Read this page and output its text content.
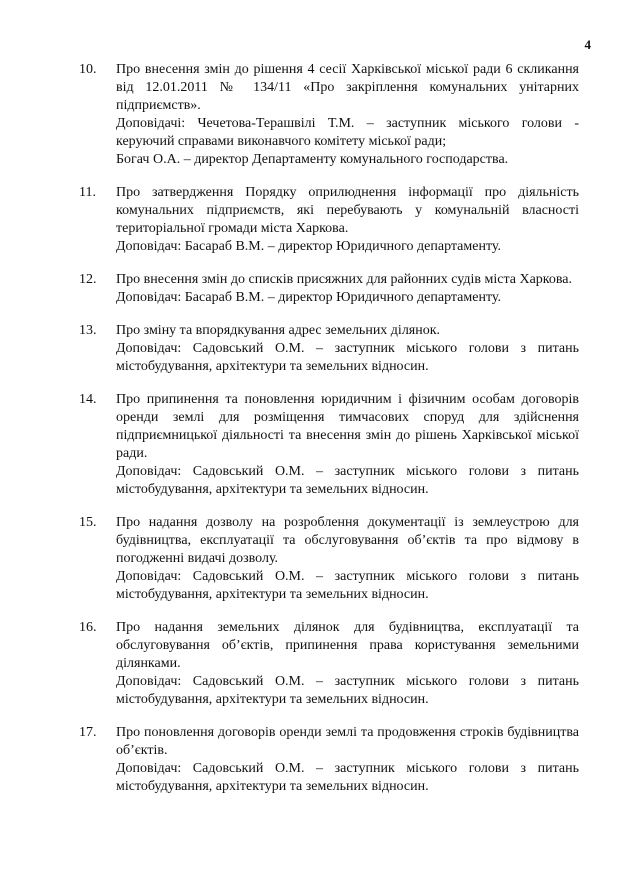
4
10.	Про внесення змін до рішення 4 сесії Харківської міської ради 6 скликання від 12.01.2011 № 134/11 «Про закріплення комунальних унітарних підприємств».

Доповідачі: Чечетова-Терашвілі Т.М. – заступник міського голови - керуючий справами виконавчого комітету міської ради;
Богач О.А. – директор Департаменту комунального господарства.

11.	Про затвердження Порядку оприлюднення інформації про діяльність комунальних підприємств, які перебувають у комунальній власності територіальної громади міста Харкова.

Доповідач: Басараб В.М. – директор Юридичного департаменту.

12.	Про внесення змін до списків присяжних для районних судів міста Харкова.

Доповідач: Басараб В.М. – директор Юридичного департаменту.

13.	Про зміну та впорядкування адрес земельних ділянок.

Доповідач: Садовський О.М. – заступник міського голови з питань містобудування, архітектури та земельних відносин.

14.	Про припинення та поновлення юридичним і фізичним особам договорів оренди землі для розміщення тимчасових споруд для здійснення підприємницької діяльності та внесення змін до рішень Харківської міської ради.

Доповідач: Садовський О.М. – заступник міського голови з питань містобудування, архітектури та земельних відносин.

15.	Про надання дозволу на розроблення документації із землеустрою для будівництва, експлуатації та обслуговування об’єктів та про відмову в погодженні видачі дозволу.

Доповідач: Садовський О.М. – заступник міського голови з питань містобудування, архітектури та земельних відносин.

16.	Про надання земельних ділянок для будівництва, експлуатації та обслуговування об’єктів, припинення права користування земельними ділянками.

Доповідач: Садовський О.М. – заступник міського голови з питань містобудування, архітектури та земельних відносин.

17.	Про поновлення договорів оренди землі та продовження строків будівництва об’єктів.

Доповідач: Садовський О.М. – заступник міського голови з питань містобудування, архітектури та земельних відносин.
